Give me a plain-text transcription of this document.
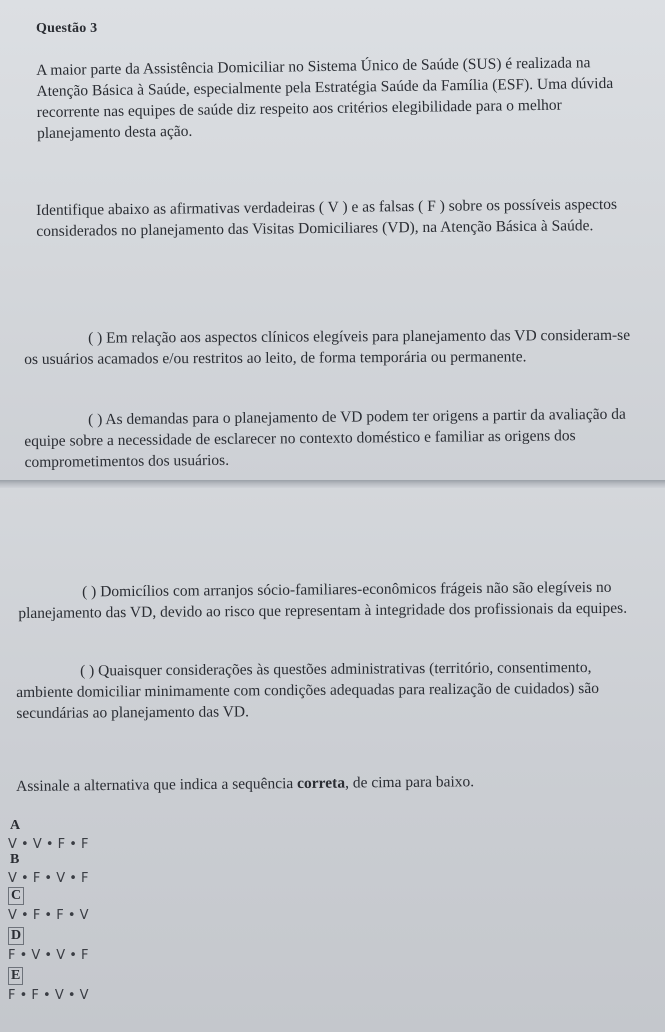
Questão 3
A maior parte da Assistência Domiciliar no Sistema Único de Saúde (SUS) é realizada na Atenção Básica à Saúde, especialmente pela Estratégia Saúde da Família (ESF). Uma dúvida recorrente nas equipes de saúde diz respeito aos critérios elegibilidade para o melhor planejamento desta ação.
Identifique abaixo as afirmativas verdadeiras ( V ) e as falsas ( F ) sobre os possíveis aspectos considerados no planejamento das Visitas Domiciliares (VD), na Atenção Básica à Saúde.
( ) Em relação aos aspectos clínicos elegíveis para planejamento das VD consideram-se os usuários acamados e/ou restritos ao leito, de forma temporária ou permanente.
( ) As demandas para o planejamento de VD podem ter origens a partir da avaliação da equipe sobre a necessidade de esclarecer no contexto doméstico e familiar as origens dos comprometimentos dos usuários.
( ) Domicílios com arranjos sócio-familiares-econômicos frágeis não são elegíveis no planejamento das VD, devido ao risco que representam à integridade dos profissionais da equipes.
( ) Quaisquer considerações às questões administrativas (território, consentimento, ambiente domiciliar minimamente com condições adequadas para realização de cuidados) são secundárias ao planejamento das VD.
Assinale a alternativa que indica a sequência correta, de cima para baixo.
A
V • V • F • F
B
V • F • V • F
C
V • F • F • V
D
F • V • V • F
E
F • F • V • V
